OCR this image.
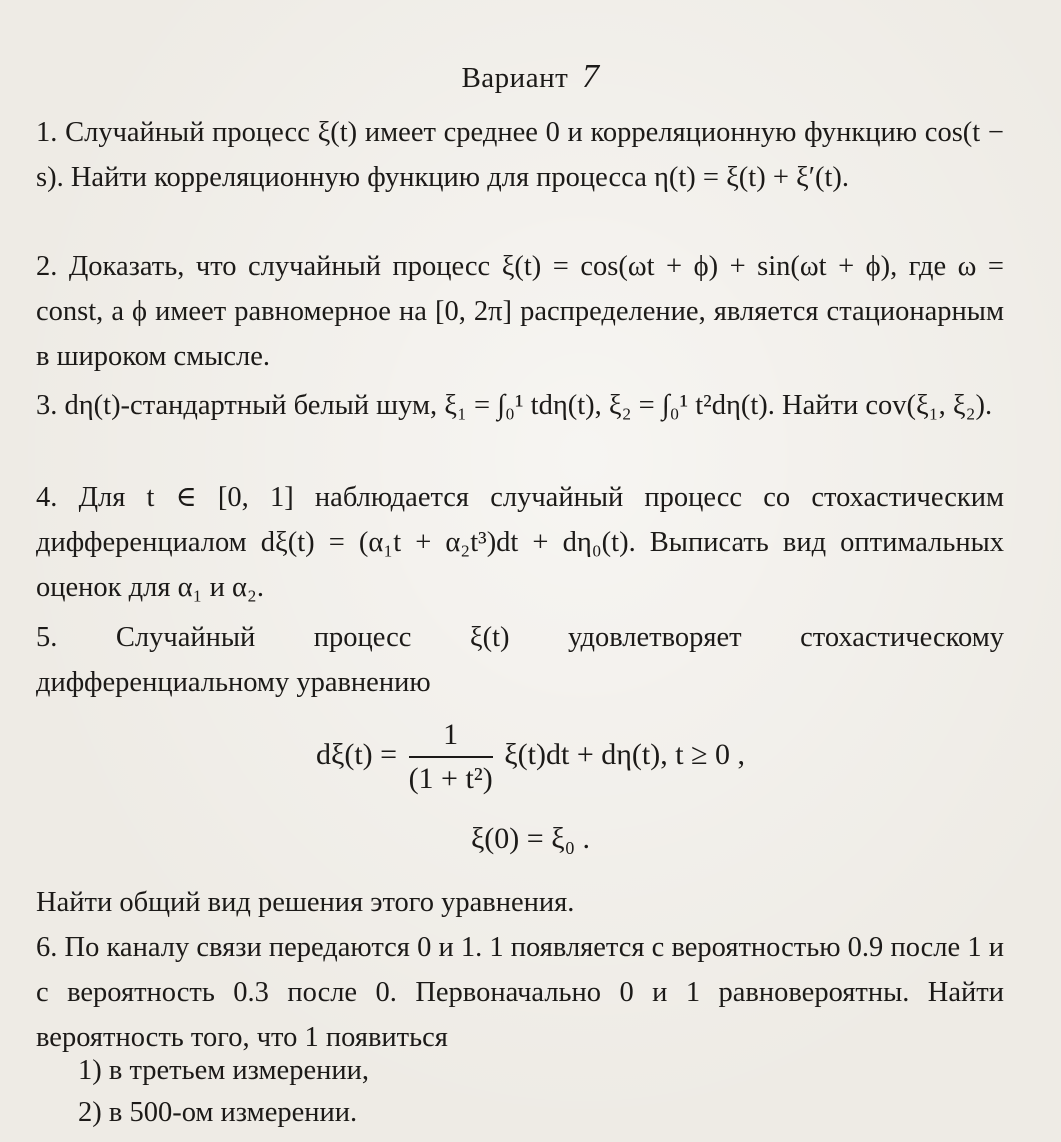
Вариант 7
1. Случайный процесс ξ(t) имеет среднее 0 и корреляционную функцию cos(t − s). Найти корреляционную функцию для процесса η(t) = ξ(t) + ξ′(t).
2. Доказать, что случайный процесс ξ(t) = cos(ωt + ϕ) + sin(ωt + ϕ), где ω = const, а ϕ имеет равномерное на [0, 2π] распределение, является стационарным в широком смысле.
3. dη(t)-стандартный белый шум, ξ₁ = ∫₀¹ tdη(t), ξ₂ = ∫₀¹ t²dη(t). Найти cov(ξ₁, ξ₂).
4. Для t ∈ [0, 1] наблюдается случайный процесс со стохастическим дифференциалом dξ(t) = (α₁t + α₂t³)dt + dη₀(t). Выписать вид оптимальных оценок для α₁ и α₂.
5. Случайный процесс ξ(t) удовлетворяет стохастическому дифференциальному уравнению
$d\xi(t) = \frac{1}{\text{(1 + t²)}} \xi(t)dt + d\eta(t)$, t ≥ 0 ,
ξ(0) = ξ₀ .
Найти общий вид решения этого уравнения.
6. По каналу связи передаются 0 и 1. 1 появляется с вероятностью 0.9 после 1 и с вероятность 0.3 после 0. Первоначально 0 и 1 равновероятны. Найти вероятность того, что 1 появиться
1) в третьем измерении,
2) в 500-ом измерении.
